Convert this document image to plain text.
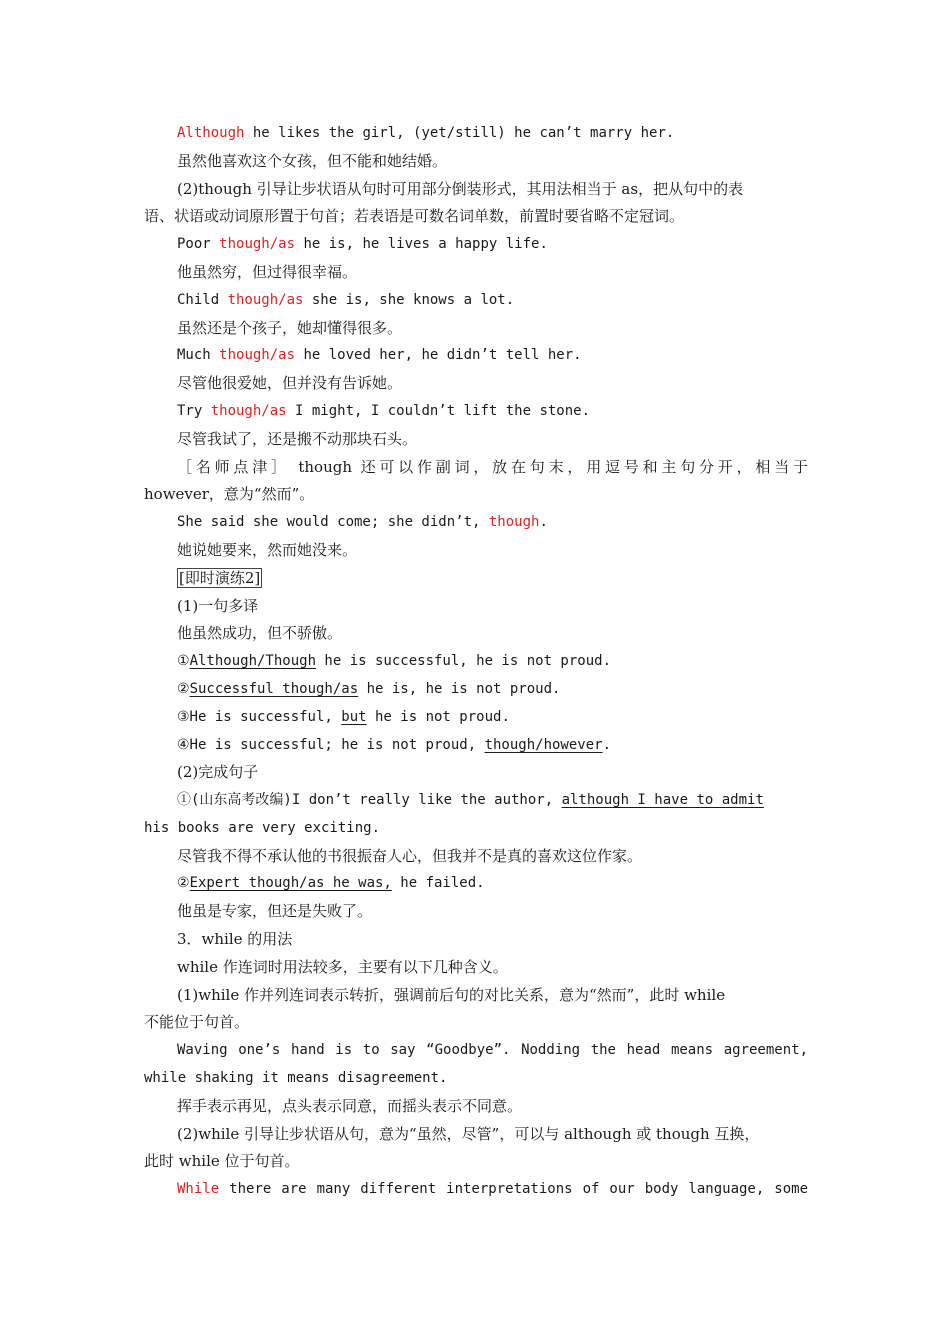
Although he likes the girl, (yet/still) he can’t marry her.
虽然他喜欢这个女孩，但不能和她结婚。
(2)though 引导让步状语从句时可用部分倒装形式，其用法相当于 as，把从句中的表
语、状语或动词原形置于句首；若表语是可数名词单数，前置时要省略不定冠词。
Poor though/as he is, he lives a happy life.
他虽然穷，但过得很幸福。
Child though/as she is, she knows a lot.
虽然还是个孩子，她却懂得很多。
Much though/as he loved her, he didn’t tell her.
尽管他很爱她，但并没有告诉她。
Try though/as I might, I couldn’t lift the stone.
尽管我试了，还是搬不动那块石头。
［名师点津］ though 还可以作副词，放在句末，用逗号和主句分开，相当于
however，意为“然而”。
She said she would come; she didn’t, though.
她说她要来，然而她没来。
[即时演练2]
(1)一句多译
他虽然成功，但不骄傲。
①Although/Though he is successful, he is not proud.
②Successful though/as he is, he is not proud.
③He is successful, but he is not proud.
④He is successful; he is not proud, though/however.
(2)完成句子
①(山东高考改编)I don’t really like the author, although I have to admit
his books are very exciting.
尽管我不得不承认他的书很振奋人心，但我并不是真的喜欢这位作家。
②Expert though/as he was, he failed.
他虽是专家，但还是失败了。
3．while 的用法
while 作连词时用法较多，主要有以下几种含义。
(1)while 作并列连词表示转折，强调前后句的对比关系，意为“然而”，此时 while
不能位于句首。
Waving one’s hand is to say “Goodbye”. Nodding the head means agreement,
while shaking it means disagreement.
挥手表示再见，点头表示同意，而摇头表示不同意。
(2)while 引导让步状语从句，意为“虽然，尽管”，可以与 although 或 though 互换，
此时 while 位于句首。
While there are many different interpretations of our body language, some
